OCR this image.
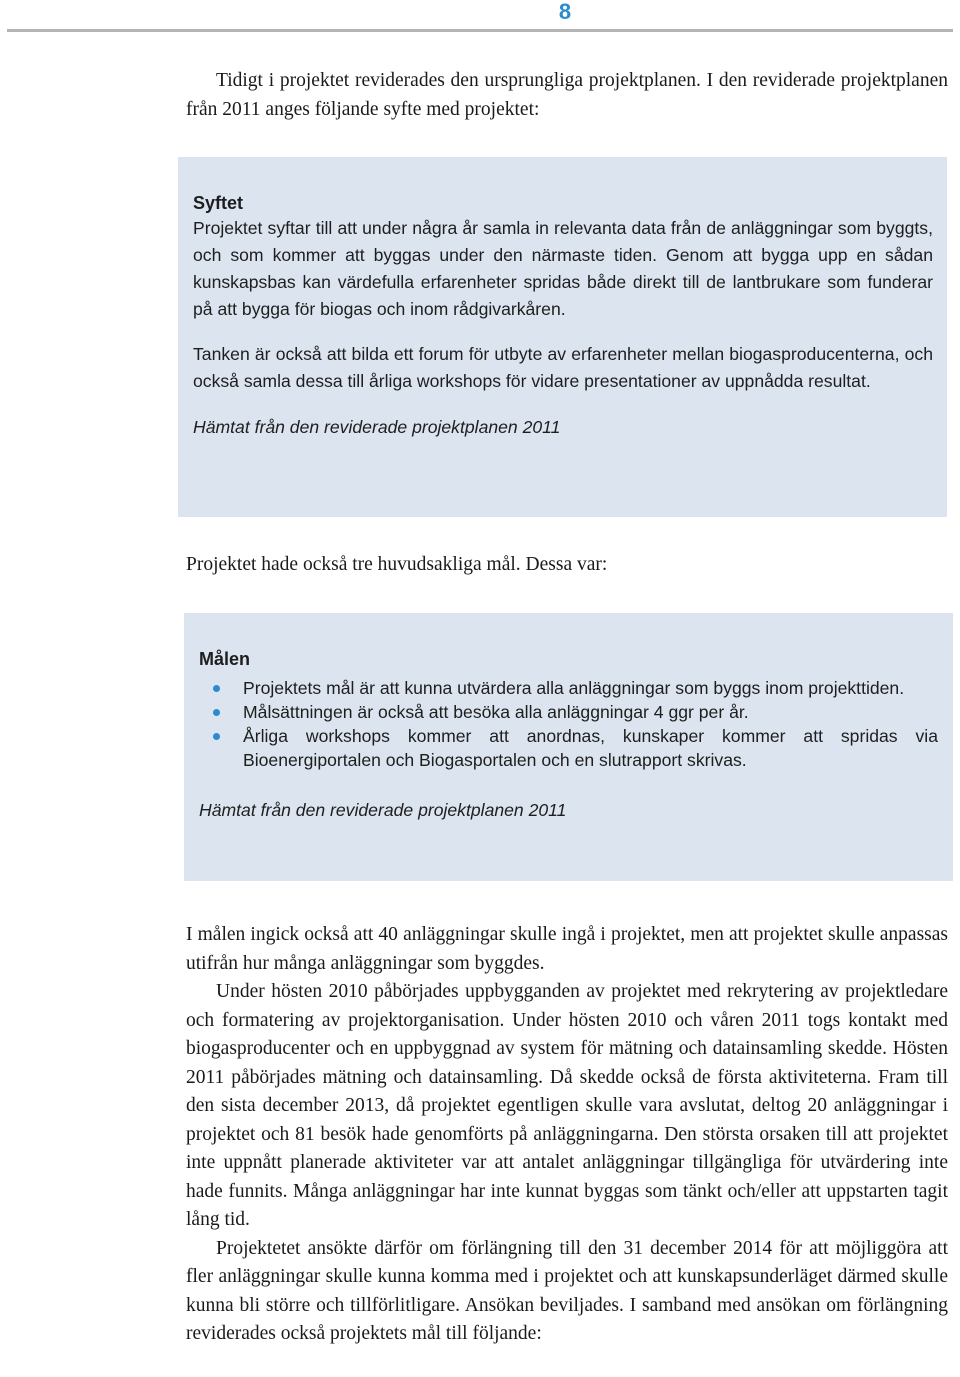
8

Tidigt i projektet reviderades den ursprungliga projektplanen. I den reviderade projektplanen från 2011 anges följande syfte med projektet:

Syftet

Projektet syftar till att under några år samla in relevanta data från de anläggningar som byggts, och som kommer att byggas under den närmaste tiden. Genom att bygga upp en sådan kunskapsbas kan värdefulla erfarenheter spridas både direkt till de lantbrukare som funderar på att bygga för biogas och inom rådgivarkåren.

Tanken är också att bilda ett forum för utbyte av erfarenheter mellan biogasproducenterna, och också samla dessa till årliga workshops för vidare presentationer av uppnådda resultat.

Hämtat från den reviderade projektplanen 2011

Projektet hade också tre huvudsakliga mål. Dessa var:

Målen

Projektets mål är att kunna utvärdera alla anläggningar som byggs inom projekttiden.
Målsättningen är också att besöka alla anläggningar 4 ggr per år.
Årliga workshops kommer att anordnas, kunskaper kommer att spridas via Bioenergiportalen och Biogasportalen och en slutrapport skrivas.

Hämtat från den reviderade projektplanen 2011

I målen ingick också att 40 anläggningar skulle ingå i projektet, men att projektet skulle anpassas utifrån hur många anläggningar som byggdes.

Under hösten 2010 påbörjades uppbygganden av projektet med rekrytering av projektledare och formatering av projektorganisation. Under hösten 2010 och våren 2011 togs kontakt med biogasproducenter och en uppbyggnad av system för mätning och datainsamling skedde. Hösten 2011 påbörjades mätning och datainsamling. Då skedde också de första aktiviteterna. Fram till den sista december 2013, då projektet egentligen skulle vara avslutat, deltog 20 anläggningar i projektet och 81 besök hade genomförts på anläggningarna. Den största orsaken till att projektet inte uppnått planerade aktiviteter var att antalet anläggningar tillgängliga för utvärdering inte hade funnits. Många anläggningar har inte kunnat byggas som tänkt och/eller att uppstarten tagit lång tid.

Projektetet ansökte därför om förlängning till den 31 december 2014 för att möjliggöra att fler anläggningar skulle kunna komma med i projektet och att kunskapsunderläget därmed skulle kunna bli större och tillförlitligare. Ansökan beviljades. I samband med ansökan om förlängning reviderades också projektets mål till följande:
